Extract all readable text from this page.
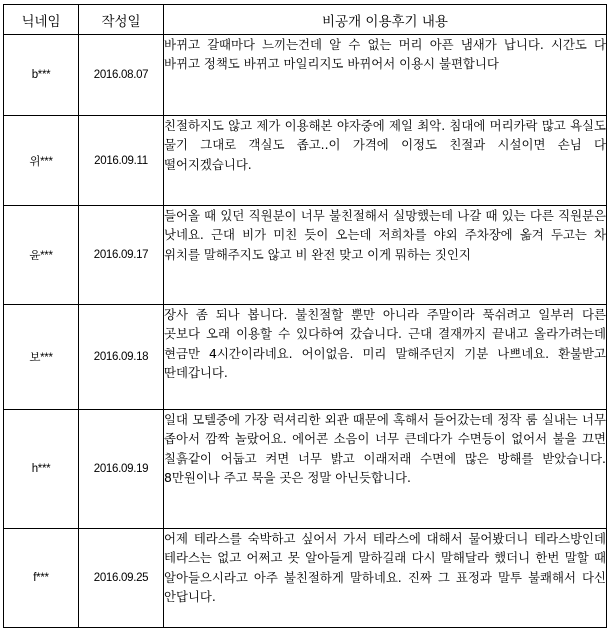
닉네임	작성일	비공개 이용후기 내용
b***	2016.08.07	바뀌고 갈때마다 느끼는건데 알 수 없는 머리 아픈 냄새가 납니다. 시간도 다 바뀌고 정책도 바뀌고 마일리지도 바뀌어서 이용시 불편합니다
위***	2016.09.11	친절하지도 않고 제가 이용해본 야자중에 제일 최악. 침대에 머리카락 많고 욕실도 물기 그대로 객실도 좁고..이 가격에 이정도 친절과 시설이면 손님 다 떨어지겠습니다.
윤***	2016.09.17	들어올 때 있던 직원분이 너무 불친절해서 실망했는데 나갈 때 있는 다른 직원분은 낫네요. 근대 비가 미친 듯이 오는데 저희차를 야외 주차장에 옮겨 두고는 차 위치를 말해주지도 않고 비 완전 맞고 이게 뭐하는 짓인지
보***	2016.09.18	장사 좀 되나 봅니다. 불친절할 뿐만 아니라 주말이라 푹쉬려고 일부러 다른 곳보다 오래 이용할 수 있다하여 갔습니다. 근대 결재까지 끝내고 올라가려는데 현금만 4시간이라네요. 어이없음. 미리 말해주던지 기분 나쁘네요. 환불받고 딴데갑니다.
h***	2016.09.19	일대 모텔중에 가장 럭셔리한 외관 때문에 혹해서 들어갔는데 정작 룸 실내는 너무 좁아서 깜짝 놀랐어요. 에어콘 소음이 너무 큰데다가 수면등이 없어서 불을 끄면 칠흙같이 어둡고 켜면 너무 밝고 이래저래 수면에 많은 방해를 받았습니다. 8만원이나 주고 묵을 곳은 정말 아닌듯합니다.
f***	2016.09.25	어제 테라스를 숙박하고 싶어서 가서 테라스에 대해서 물어봤더니 테라스방인데 테라스는 없고 어쩌고 못 알아들게 말하길래 다시 말해달라 했더니 한번 말할 때 알아들으시라고 아주 불친절하게 말하네요. 진짜 그 표정과 말투 불쾌해서 다신 안답니다.
